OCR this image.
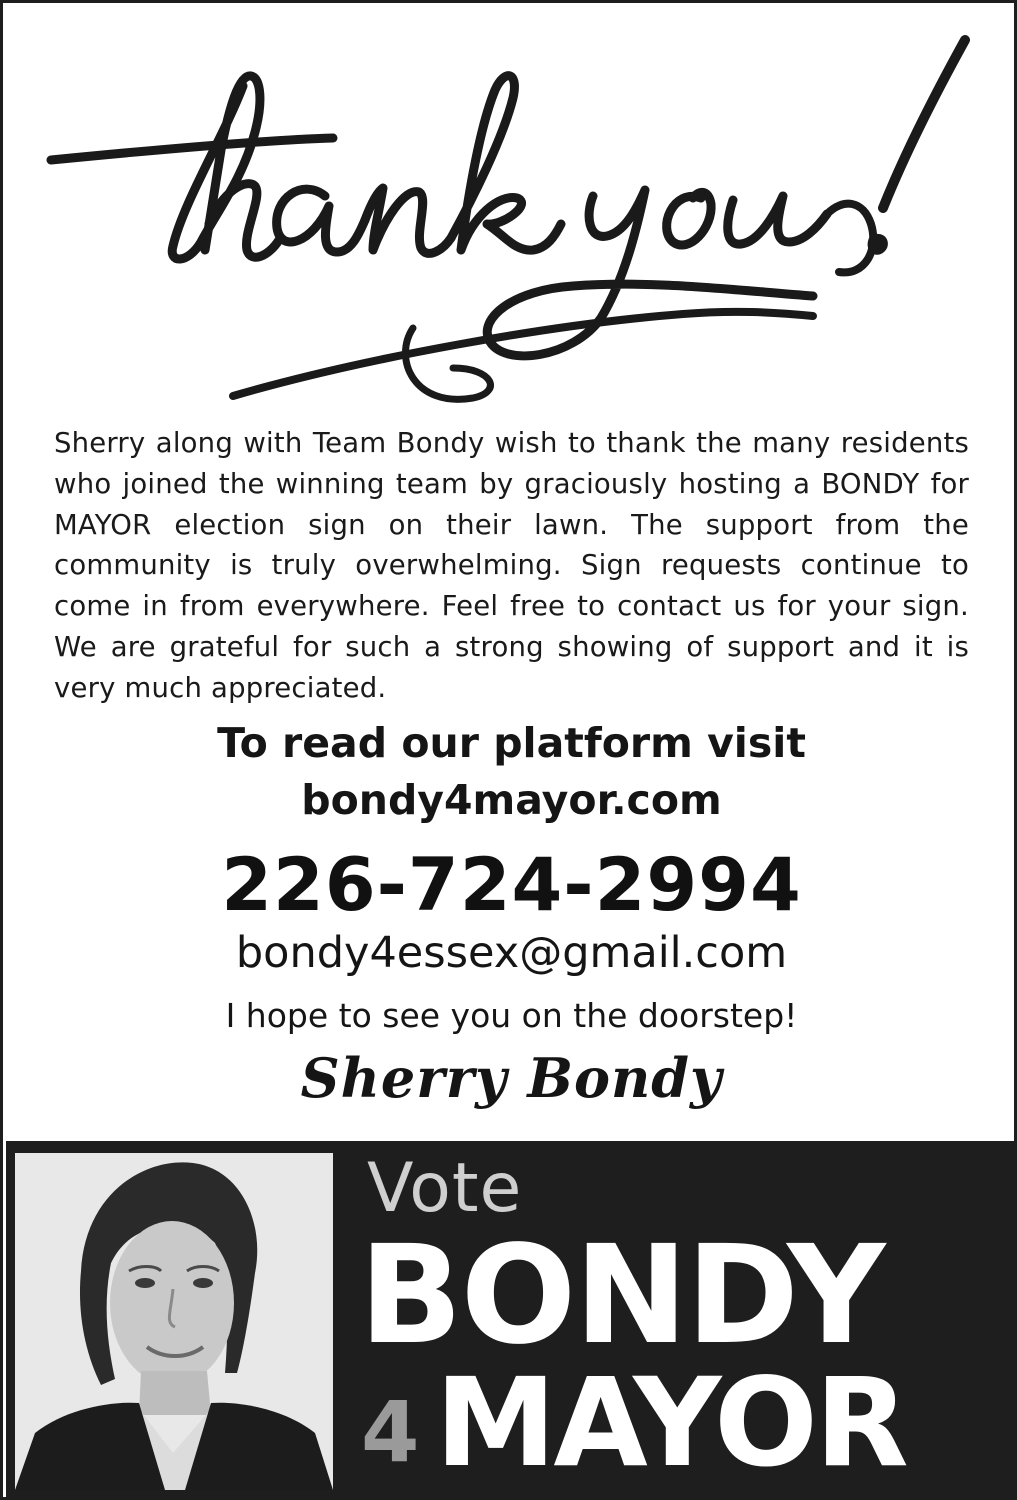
Sherry along with Team Bondy wish to thank the many residents who joined the winning team by graciously hosting a BONDY for MAYOR election sign on their lawn. The support from the community is truly overwhelming. Sign requests continue to come in from everywhere. Feel free to contact us for your sign. We are grateful for such a strong showing of support and it is very much appreciated.

To read our platform visit
bondy4mayor.com
226-724-2994
bondy4essex@gmail.com
I hope to see you on the doorstep!
Sherry Bondy
Vote
BONDY
4 MAYOR
